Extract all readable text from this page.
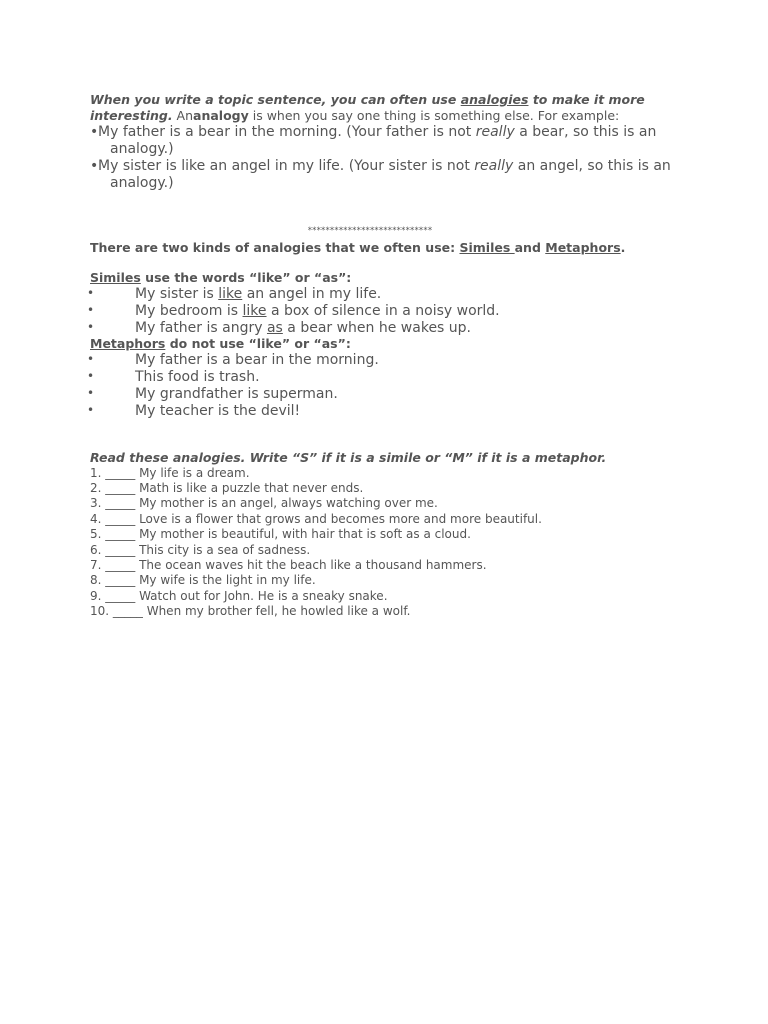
When you write a topic sentence, you can often use analogies to make it more
interesting. Ananalogy is when you say one thing is something else. For example:

• My father is a bear in the morning. (Your father is not really a bear, so this is an analogy.)

• My sister is like an angel in my life. (Your sister is not really an angel, so this is an analogy.)

****************************
There are two kinds of analogies that we often use: Similes and Metaphors.
Similes use the words “like” or “as”:
•	My sister is like an angel in my life.
•	My bedroom is like a box of silence in a noisy world.
•	My father is angry as a bear when he wakes up.
Metaphors do not use “like” or “as”:
•	My father is a bear in the morning.
•	This food is trash.
•	My grandfather is superman.
•	My teacher is the devil!
Read these analogies. Write “S” if it is a simile or “M” if it is a metaphor.
1. _____ My life is a dream.
2. _____ Math is like a puzzle that never ends.
3. _____ My mother is an angel, always watching over me.
4. _____ Love is a flower that grows and becomes more and more beautiful.
5. _____ My mother is beautiful, with hair that is soft as a cloud.
6. _____ This city is a sea of sadness.
7. _____ The ocean waves hit the beach like a thousand hammers.
8. _____ My wife is the light in my life.
9. _____ Watch out for John. He is a sneaky snake.
10. _____ When my brother fell, he howled like a wolf.
